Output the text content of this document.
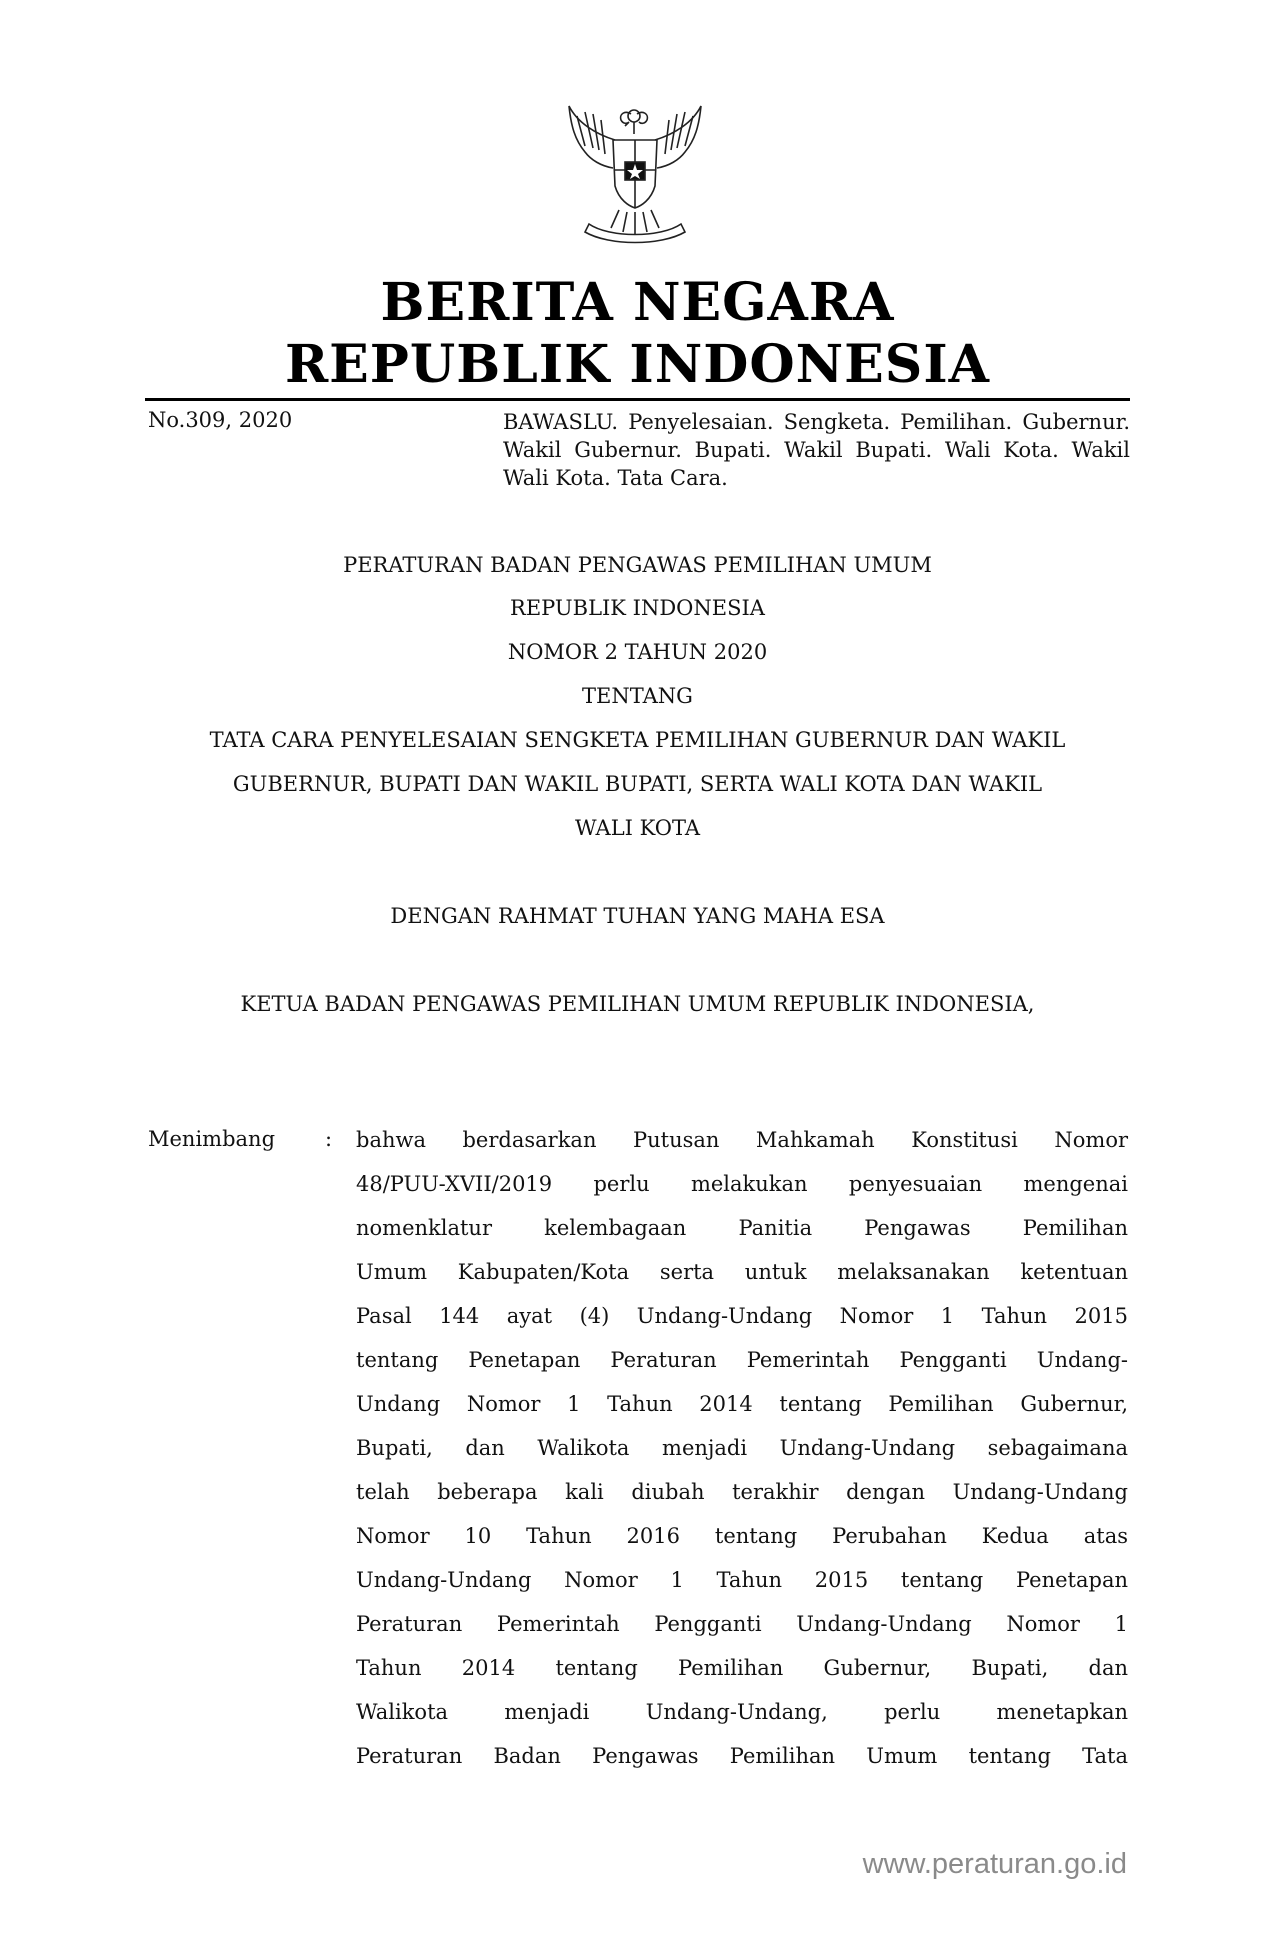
BERITA NEGARA
REPUBLIK INDONESIA
No.309, 2020	BAWASLU. Penyelesaian. Sengketa. Pemilihan. Gubernur. Wakil Gubernur. Bupati. Wakil Bupati. Wali Kota. Wakil Wali Kota. Tata Cara.
PERATURAN BADAN PENGAWAS PEMILIHAN UMUM
REPUBLIK INDONESIA
NOMOR 2 TAHUN 2020
TENTANG
TATA CARA PENYELESAIAN SENGKETA PEMILIHAN GUBERNUR DAN WAKIL
GUBERNUR, BUPATI DAN WAKIL BUPATI, SERTA WALI KOTA DAN WAKIL
WALI KOTA
DENGAN RAHMAT TUHAN YANG MAHA ESA
KETUA BADAN PENGAWAS PEMILIHAN UMUM REPUBLIK INDONESIA,
Menimbang : bahwa berdasarkan Putusan Mahkamah Konstitusi Nomor
48/PUU-XVII/2019 perlu melakukan penyesuaian mengenai
nomenklatur kelembagaan Panitia Pengawas Pemilihan
Umum Kabupaten/Kota serta untuk melaksanakan ketentuan
Pasal 144 ayat (4) Undang-Undang Nomor 1 Tahun 2015
tentang Penetapan Peraturan Pemerintah Pengganti Undang-
Undang Nomor 1 Tahun 2014 tentang Pemilihan Gubernur,
Bupati, dan Walikota menjadi Undang-Undang sebagaimana
telah beberapa kali diubah terakhir dengan Undang-Undang
Nomor 10 Tahun 2016 tentang Perubahan Kedua atas
Undang-Undang Nomor 1 Tahun 2015 tentang Penetapan
Peraturan Pemerintah Pengganti Undang-Undang Nomor 1
Tahun 2014 tentang Pemilihan Gubernur, Bupati, dan
Walikota menjadi Undang-Undang, perlu menetapkan
Peraturan Badan Pengawas Pemilihan Umum tentang Tata
www.peraturan.go.id
